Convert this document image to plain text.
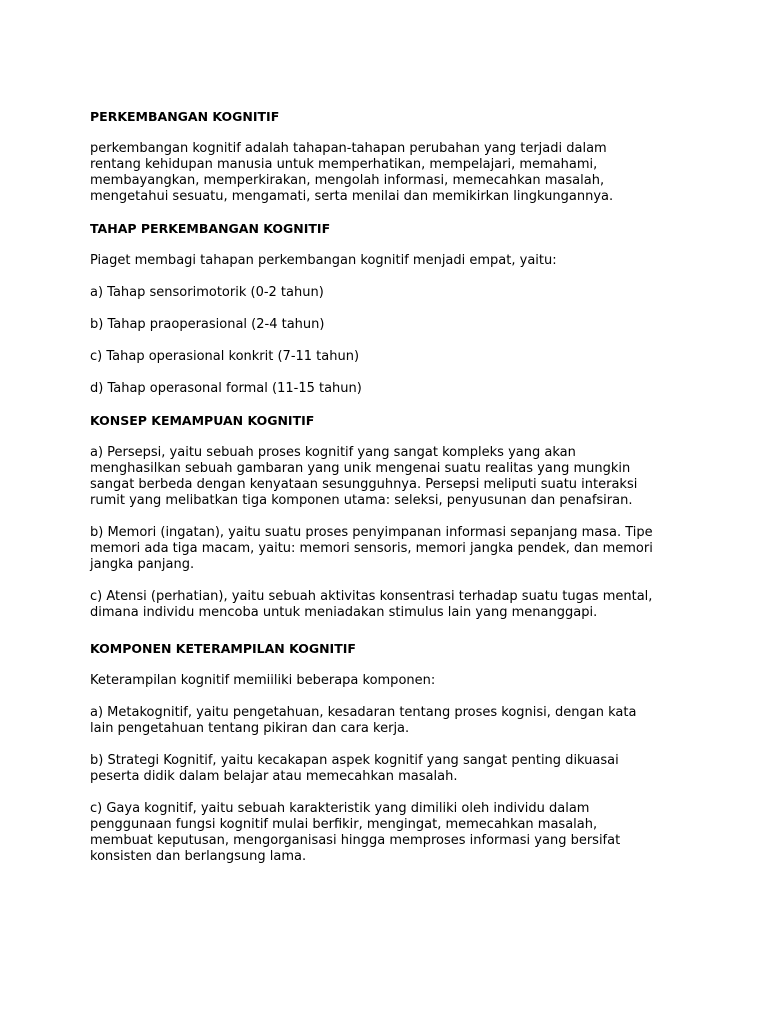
PERKEMBANGAN KOGNITIF
perkembangan kognitif adalah tahapan-tahapan perubahan yang terjadi dalam
rentang kehidupan manusia untuk memperhatikan, mempelajari, memahami,
membayangkan, memperkirakan, mengolah informasi, memecahkan masalah,
mengetahui sesuatu, mengamati, serta menilai dan memikirkan lingkungannya.
TAHAP PERKEMBANGAN KOGNITIF
Piaget membagi tahapan perkembangan kognitif menjadi empat, yaitu:
a) Tahap sensorimotorik (0-2 tahun)
b) Tahap praoperasional (2-4 tahun)
c) Tahap operasional konkrit (7-11 tahun)
d) Tahap operasonal formal (11-15 tahun)
KONSEP KEMAMPUAN KOGNITIF
a) Persepsi, yaitu sebuah proses kognitif yang sangat kompleks yang akan
menghasilkan sebuah gambaran yang unik mengenai suatu realitas yang mungkin
sangat berbeda dengan kenyataan sesungguhnya. Persepsi meliputi suatu interaksi
rumit yang melibatkan tiga komponen utama: seleksi, penyusunan dan penafsiran.
b) Memori (ingatan), yaitu suatu proses penyimpanan informasi sepanjang masa. Tipe
memori ada tiga macam, yaitu: memori sensoris, memori jangka pendek, dan memori
jangka panjang.
c) Atensi (perhatian), yaitu sebuah aktivitas konsentrasi terhadap suatu tugas mental,
dimana individu mencoba untuk meniadakan stimulus lain yang menanggapi.
KOMPONEN KETERAMPILAN KOGNITIF
Keterampilan kognitif memiiliki beberapa komponen:
a) Metakognitif, yaitu pengetahuan, kesadaran tentang proses kognisi, dengan kata
lain pengetahuan tentang pikiran dan cara kerja.
b) Strategi Kognitif, yaitu kecakapan aspek kognitif yang sangat penting dikuasai
peserta didik dalam belajar atau memecahkan masalah.
c) Gaya kognitif, yaitu sebuah karakteristik yang dimiliki oleh individu dalam
penggunaan fungsi kognitif mulai berfikir, mengingat, memecahkan masalah,
membuat keputusan, mengorganisasi hingga memproses informasi yang bersifat
konsisten dan berlangsung lama.
